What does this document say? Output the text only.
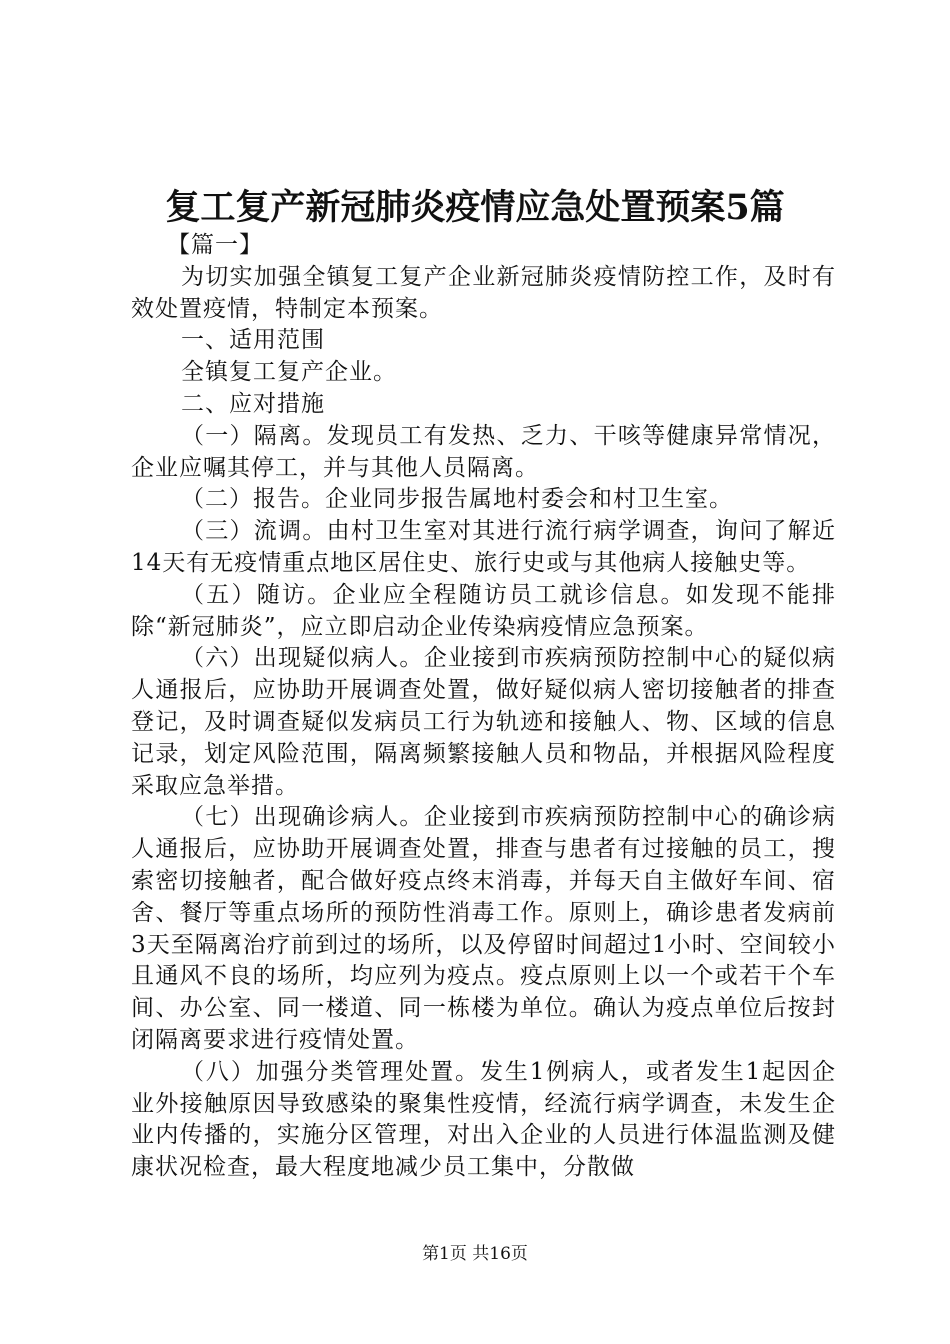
复工复产新冠肺炎疫情应急处置预案5篇

【篇一】

为切实加强全镇复工复产企业新冠肺炎疫情防控工作，及时有效处置疫情，特制定本预案。

一、适用范围

全镇复工复产企业。

二、应对措施

（一）隔离。发现员工有发热、乏力、干咳等健康异常情况，企业应嘱其停工，并与其他人员隔离。

（二）报告。企业同步报告属地村委会和村卫生室。

（三）流调。由村卫生室对其进行流行病学调查，询问了解近14天有无疫情重点地区居住史、旅行史或与其他病人接触史等。

（五）随访。企业应全程随访员工就诊信息。如发现不能排除“新冠肺炎”，应立即启动企业传染病疫情应急预案。

（六）出现疑似病人。企业接到市疾病预防控制中心的疑似病人通报后，应协助开展调查处置，做好疑似病人密切接触者的排查登记，及时调查疑似发病员工行为轨迹和接触人、物、区域的信息记录，划定风险范围，隔离频繁接触人员和物品，并根据风险程度采取应急举措。

（七）出现确诊病人。企业接到市疾病预防控制中心的确诊病人通报后，应协助开展调查处置，排查与患者有过接触的员工，搜索密切接触者，配合做好疫点终末消毒，并每天自主做好车间、宿舍、餐厅等重点场所的预防性消毒工作。原则上，确诊患者发病前3天至隔离治疗前到过的场所，以及停留时间超过1小时、空间较小且通风不良的场所，均应列为疫点。疫点原则上以一个或若干个车间、办公室、同一楼道、同一栋楼为单位。确认为疫点单位后按封闭隔离要求进行疫情处置。

（八）加强分类管理处置。发生1例病人，或者发生1起因企业外接触原因导致感染的聚集性疫情，经流行病学调查，未发生企业内传播的，实施分区管理，对出入企业的人员进行体温监测及健康状况检查，最大程度地减少员工集中，分散做

第1页 共16页
